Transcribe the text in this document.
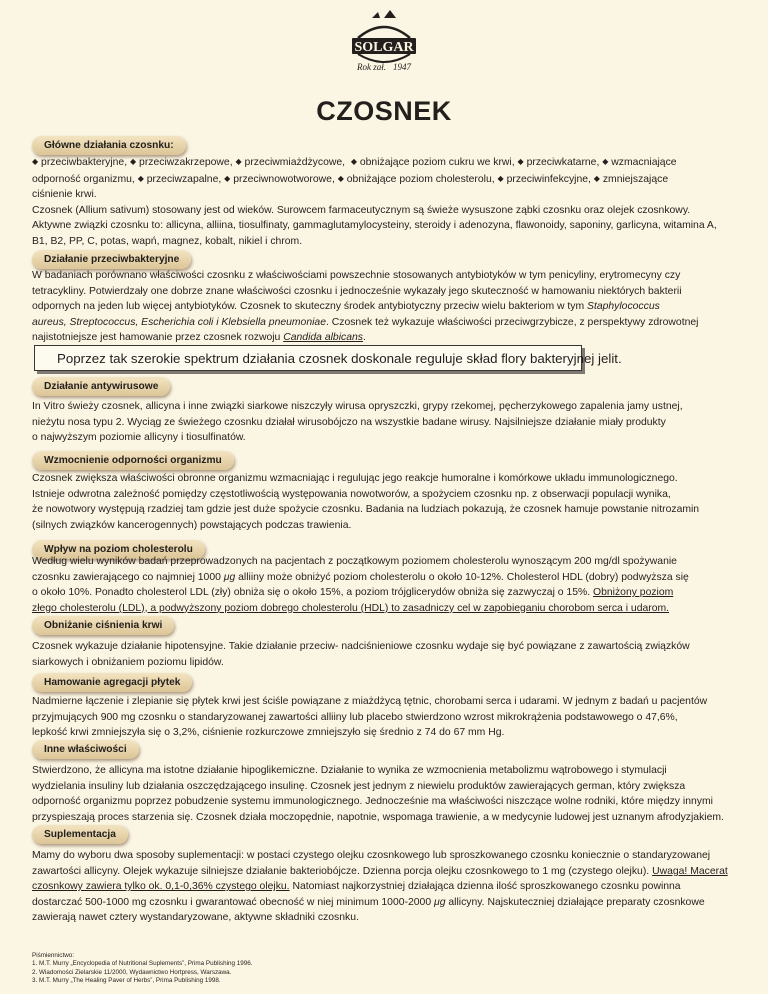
SOLGAR
Rok zał. 1947
CZOSNEK
Główne działania czosnku:
◆ przeciwbakteryjne, ◆ przeciwzakrzepowe, ◆ przeciwmiażdżycowe, ◆ obniżające poziom cukru we krwi, ◆ przeciwkatarne, ◆ wzmacniające
odporność organizmu, ◆ przeciwzapalne, ◆ przeciwnowotworowe, ◆ obniżające poziom cholesterolu, ◆ przeciwinfekcyjne, ◆ zmniejszające
ciśnienie krwi.
Czosnek (Allium sativum) stosowany jest od wieków. Surowcem farmaceutycznym są świeże wysuszone ząbki czosnku oraz olejek czosnkowy.
Aktywne związki czosnku to: allicyna, alliina, tiosulfinaty, gammaglutamylocysteiny, steroidy i adenozyna, flawonoidy, saponiny, garlicyna, witamina A,
B1, B2, PP, C, potas, wapń, magnez, kobalt, nikiel i chrom.
Działanie przeciwbakteryjne
W badaniach porównano właściwości czosnku z właściwościami powszechnie stosowanych antybiotyków w tym penicyliny, erytromecyny czy
tetracykliny. Potwierdzały one dobrze znane właściwości czosnku i jednocześnie wykazały jego skuteczność w hamowaniu niektórych bakterii
odpornych na jeden lub więcej antybiotyków. Czosnek to skuteczny środek antybiotyczny przeciw wielu bakteriom w tym Staphylococcus
aureus, Streptococcus, Escherichia coli i Klebsiella pneumoniae. Czosnek też wykazuje właściwości przeciwgrzybicze, z perspektywy zdrowotnej
najistotniejsze jest hamowanie przez czosnek rozwoju Candida albicans.
Poprzez tak szerokie spektrum działania czosnek doskonale reguluje skład flory bakteryjnej jelit.
Działanie antywirusowe
In Vitro świeży czosnek, allicyna i inne związki siarkowe niszczyły wirusa opryszczki, grypy rzekomej, pęcherzykowego zapalenia jamy ustnej,
nieżytu nosa typu 2. Wyciąg ze świeżego czosnku działał wirusobójczo na wszystkie badane wirusy. Najsilniejsze działanie miały produkty
o najwyższym poziomie allicyny i tiosulfinatów.
Wzmocnienie odporności organizmu
Czosnek zwiększa właściwości obronne organizmu wzmacniając i regulując jego reakcje humoralne i komórkowe układu immunologicznego.
Istnieje odwrotna zależność pomiędzy częstotliwością występowania nowotworów, a spożyciem czosnku np. z obserwacji populacji wynika,
że nowotwory występują rzadziej tam gdzie jest duże spożycie czosnku. Badania na ludziach pokazują, że czosnek hamuje powstanie nitrozamin
(silnych związków kancerogennych) powstających podczas trawienia.
Wpływ na poziom cholesterolu
Według wielu wyników badań przeprowadzonych na pacjentach z początkowym poziomem cholesterolu wynoszącym 200 mg/dl spożywanie
czosnku zawierającego co najmniej 1000 μg alliiny może obniżyć poziom cholesterolu o około 10-12%. Cholesterol HDL (dobry) podwyższa się
o około 10%. Ponadto cholesterol LDL (zły) obniża się o około 15%, a poziom trójglicerydów obniża się zazwyczaj o 15%. Obniżony poziom
złego cholesterolu (LDL), a podwyższony poziom dobrego cholesterolu (HDL) to zasadniczy cel w zapobieganiu chorobom serca i udarom.
Obniżanie ciśnienia krwi
Czosnek wykazuje działanie hipotensyjne. Takie działanie przeciw- nadciśnieniowe czosnku wydaje się być powiązane z zawartością związków
siarkowych i obniżaniem poziomu lipidów.
Hamowanie agregacji płytek
Nadmierne łączenie i zlepianie się płytek krwi jest ściśle powiązane z miażdżycą tętnic, chorobami serca i udarami. W jednym z badań u pacjentów
przyjmujących 900 mg czosnku o standaryzowanej zawartości alliiny lub placebo stwierdzono wzrost mikrokrążenia podstawowego o 47,6%,
lepkość krwi zmniejszyła się o 3,2%, ciśnienie rozkurczowe zmniejszyło się średnio z 74 do 67 mm Hg.
Inne właściwości
Stwierdzono, że allicyna ma istotne działanie hipoglikemiczne. Działanie to wynika ze wzmocnienia metabolizmu wątrobowego i stymulacji
wydzielania insuliny lub działania oszczędzającego insulinę. Czosnek jest jednym z niewielu produktów zawierających german, który zwiększa
odporność organizmu poprzez pobudzenie systemu immunologicznego. Jednocześnie ma właściwości niszczące wolne rodniki, które między innymi
przyspieszają proces starzenia się. Czosnek działa moczopędnie, napotnie, wspomaga trawienie, a w medycynie ludowej jest uznanym afrodyzjakiem.
Suplementacja
Mamy do wyboru dwa sposoby suplementacji: w postaci czystego olejku czosnkowego lub sproszkowanego czosnku koniecznie o standaryzowanej
zawartości allicyny. Olejek wykazuje silniejsze działanie bakteriobójcze. Dzienna porcja olejku czosnkowego to 1 mg (czystego olejku). Uwaga! Macerat
czosnkowy zawiera tylko ok. 0,1-0,36% czystego olejku. Natomiast najkorzystniej działająca dzienna ilość sproszkowanego czosnku powinna
dostarczać 500-1000 mg czosnku i gwarantować obecność w niej minimum 1000-2000 μg allicyny. Najskuteczniej działające preparaty czosnkowe
zawierają nawet cztery wystandaryzowane, aktywne składniki czosnku.
Piśmiennictwo:
1. M.T. Murry „Encyclopedia of Nutritional Suplements”, Prima Publishing 1996.
2. Wiadomości Zielarskie 11/2000, Wydawnictwo Hortpress, Warszawa.
3. M.T. Murry „The Healing Paver of Herbs”, Prima Publishing 1998.
